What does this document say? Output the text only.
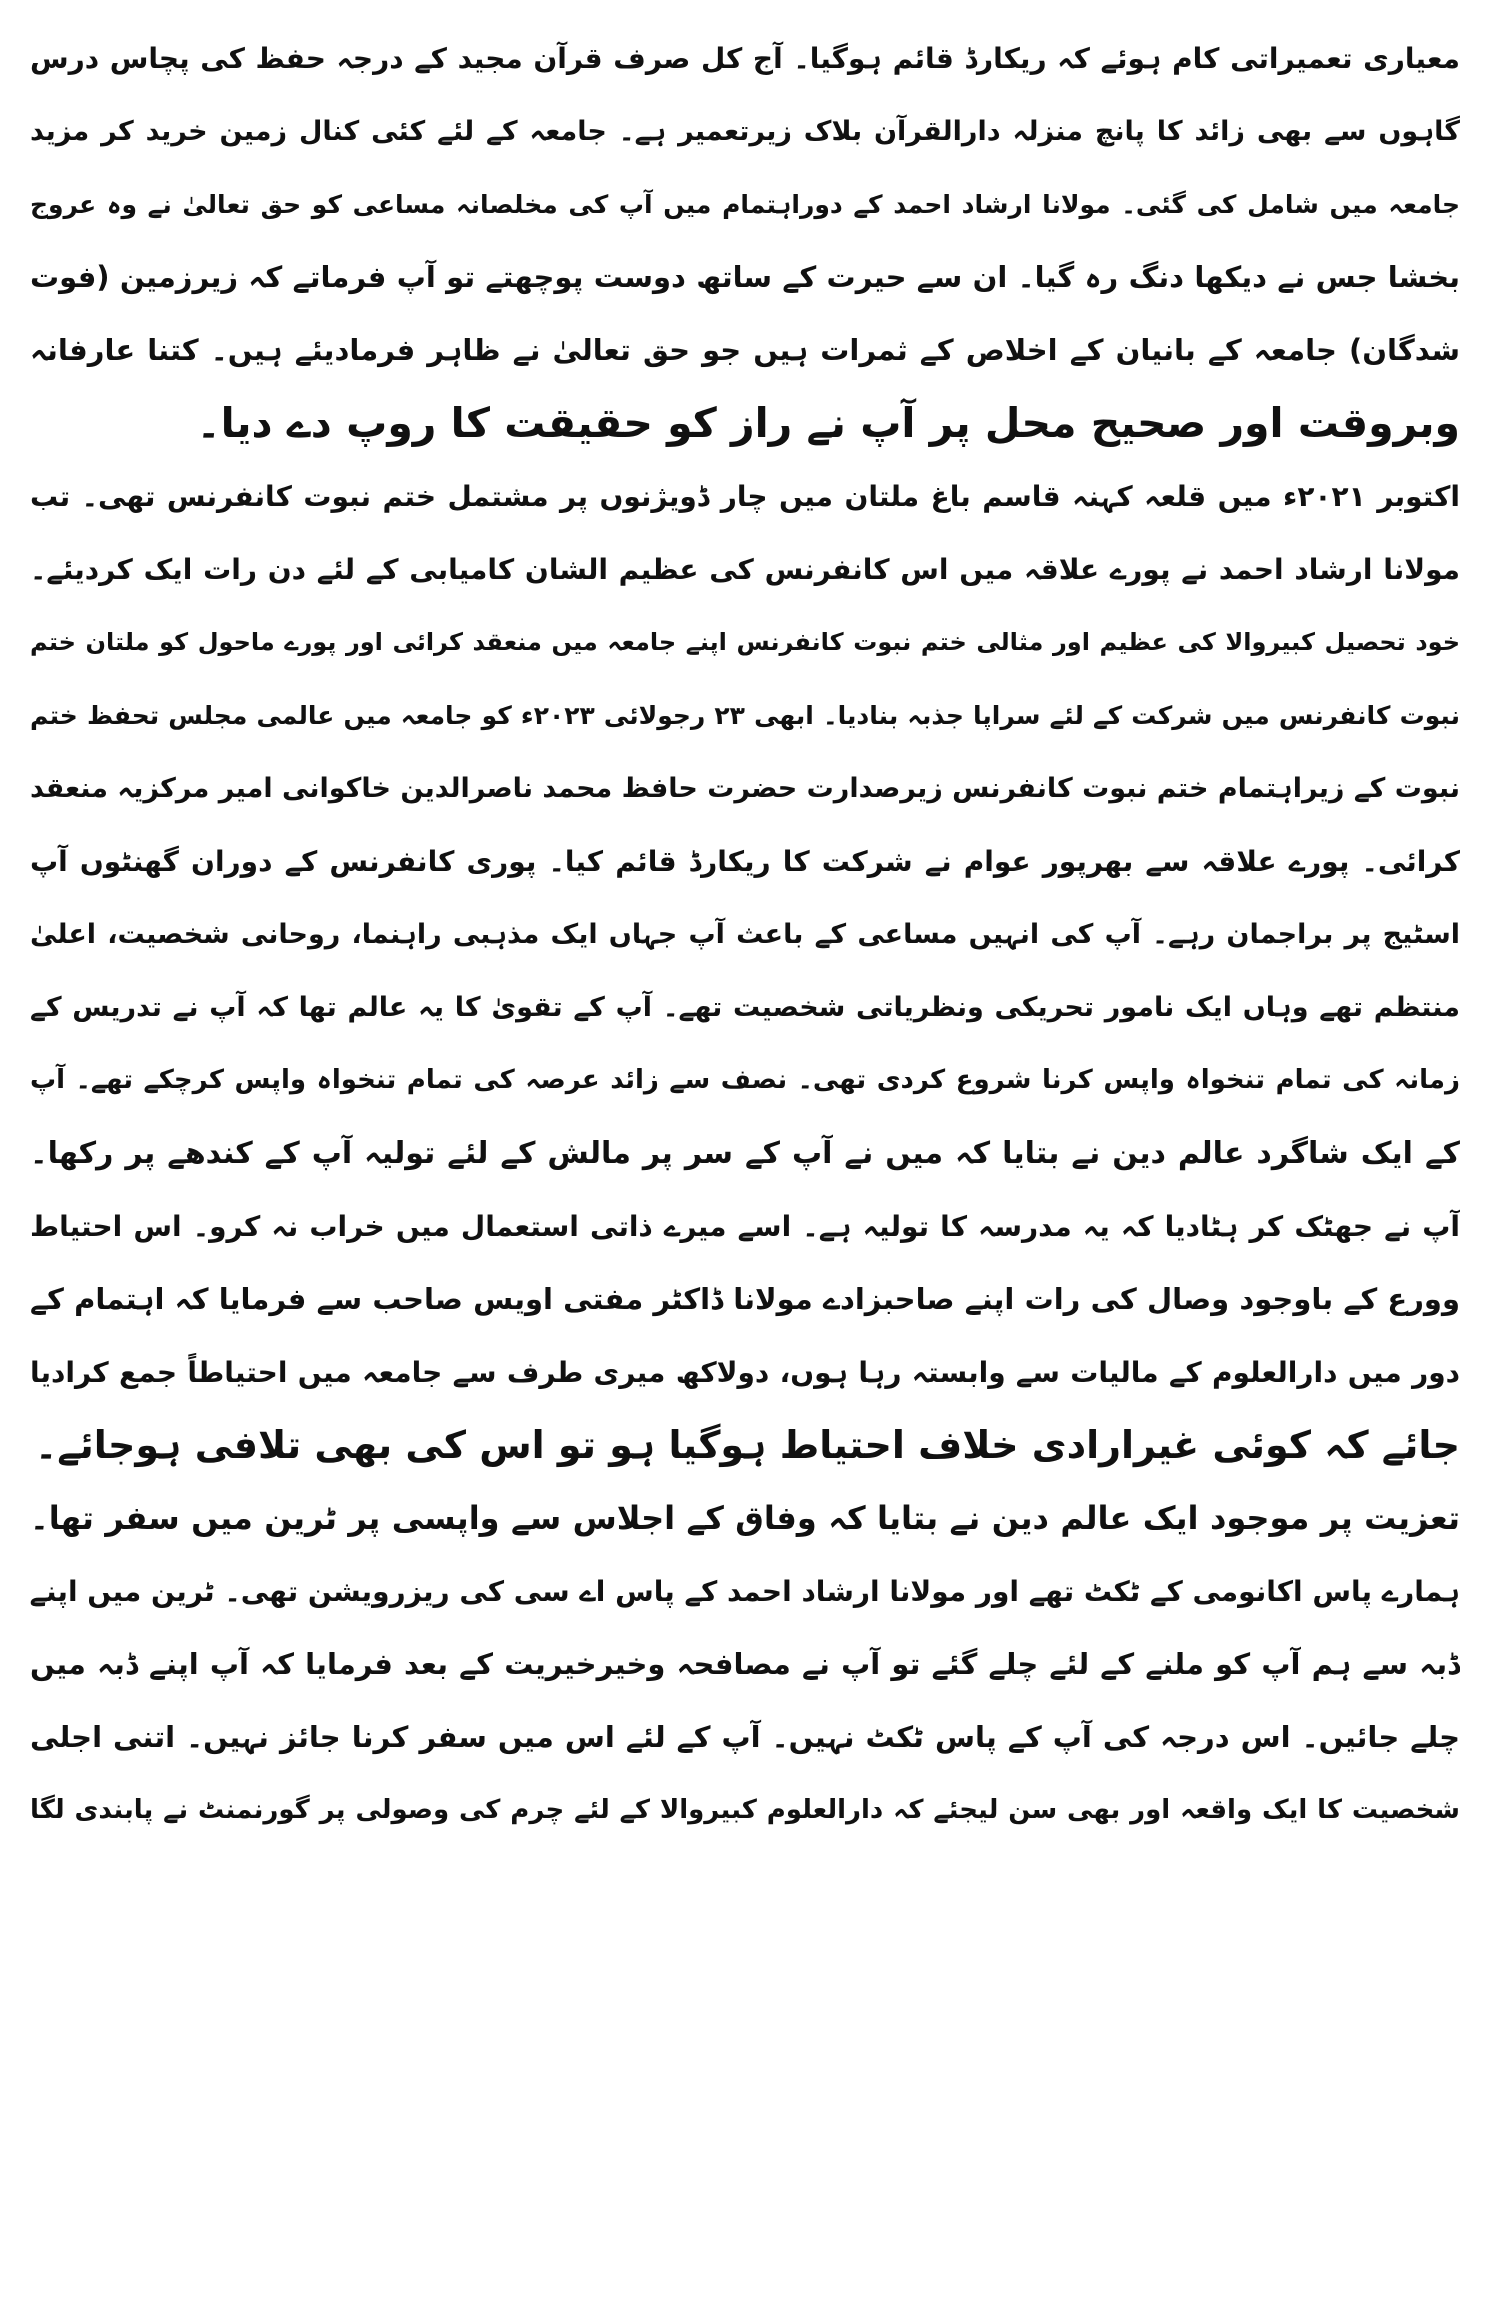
معیاری تعمیراتی کام ہوئے کہ ریکارڈ قائم ہوگیا۔ آج کل صرف قرآن مجید کے درجہ حفظ کی پچاس درس
گاہوں سے بھی زائد کا پانچ منزلہ دارالقرآن بلاک زیرتعمیر ہے۔ جامعہ کے لئے کئی کنال زمین خرید کر مزید
جامعہ میں شامل کی گئی۔ مولانا ارشاد احمد کے دوراہتمام میں آپ کی مخلصانہ مساعی کو حق تعالیٰ نے وہ عروج
بخشا جس نے دیکھا دنگ رہ گیا۔ ان سے حیرت کے ساتھ دوست پوچھتے تو آپ فرماتے کہ زیرزمین (فوت
شدگان) جامعہ کے بانیان کے اخلاص کے ثمرات ہیں جو حق تعالیٰ نے ظاہر فرمادیئے ہیں۔ کتنا عارفانہ
وبروقت اور صحیح محل پر آپ نے راز کو حقیقت کا روپ دے دیا۔
اکتوبر ۲۰۲۱ء میں قلعہ کہنہ قاسم باغ ملتان میں چار ڈویژنوں پر مشتمل ختم نبوت کانفرنس تھی۔ تب
مولانا ارشاد احمد نے پورے علاقہ میں اس کانفرنس کی عظیم الشان کامیابی کے لئے دن رات ایک کردیئے۔
خود تحصیل کبیروالا کی عظیم اور مثالی ختم نبوت کانفرنس اپنے جامعہ میں منعقد کرائی اور پورے ماحول کو ملتان ختم
نبوت کانفرنس میں شرکت کے لئے سراپا جذبہ بنادیا۔ ابھی ۲۳ رجولائی ۲۰۲۳ء کو جامعہ میں عالمی مجلس تحفظ ختم
نبوت کے زیراہتمام ختم نبوت کانفرنس زیرصدارت حضرت حافظ محمد ناصرالدین خاکوانی امیر مرکزیہ منعقد
کرائی۔ پورے علاقہ سے بھرپور عوام نے شرکت کا ریکارڈ قائم کیا۔ پوری کانفرنس کے دوران گھنٹوں آپ
اسٹیج پر براجمان رہے۔ آپ کی انہیں مساعی کے باعث آپ جہاں ایک مذہبی راہنما، روحانی شخصیت، اعلیٰ
منتظم تھے وہاں ایک نامور تحریکی ونظریاتی شخصیت تھے۔ آپ کے تقویٰ کا یہ عالم تھا کہ آپ نے تدریس کے
زمانہ کی تمام تنخواہ واپس کرنا شروع کردی تھی۔ نصف سے زائد عرصہ کی تمام تنخواہ واپس کرچکے تھے۔ آپ
کے ایک شاگرد عالم دین نے بتایا کہ میں نے آپ کے سر پر مالش کے لئے تولیہ آپ کے کندھے پر رکھا۔
آپ نے جھٹک کر ہٹادیا کہ یہ مدرسہ کا تولیہ ہے۔ اسے میرے ذاتی استعمال میں خراب نہ کرو۔ اس احتیاط
وورع کے باوجود وصال کی رات اپنے صاحبزادے مولانا ڈاکٹر مفتی اویس صاحب سے فرمایا کہ اہتمام کے
دور میں دارالعلوم کے مالیات سے وابستہ رہا ہوں، دولاکھ میری طرف سے جامعہ میں احتیاطاً جمع کرادیا
جائے کہ کوئی غیرارادی خلاف احتیاط ہوگیا ہو تو اس کی بھی تلافی ہوجائے۔
تعزیت پر موجود ایک عالم دین نے بتایا کہ وفاق کے اجلاس سے واپسی پر ٹرین میں سفر تھا۔
ہمارے پاس اکانومی کے ٹکٹ تھے اور مولانا ارشاد احمد کے پاس اے سی کی ریزرویشن تھی۔ ٹرین میں اپنے
ڈبہ سے ہم آپ کو ملنے کے لئے چلے گئے تو آپ نے مصافحہ وخیرخیریت کے بعد فرمایا کہ آپ اپنے ڈبہ میں
چلے جائیں۔ اس درجہ کی آپ کے پاس ٹکٹ نہیں۔ آپ کے لئے اس میں سفر کرنا جائز نہیں۔ اتنی اجلی
شخصیت کا ایک واقعہ اور بھی سن لیجئے کہ دارالعلوم کبیروالا کے لئے چرم کی وصولی پر گورنمنٹ نے پابندی لگا
